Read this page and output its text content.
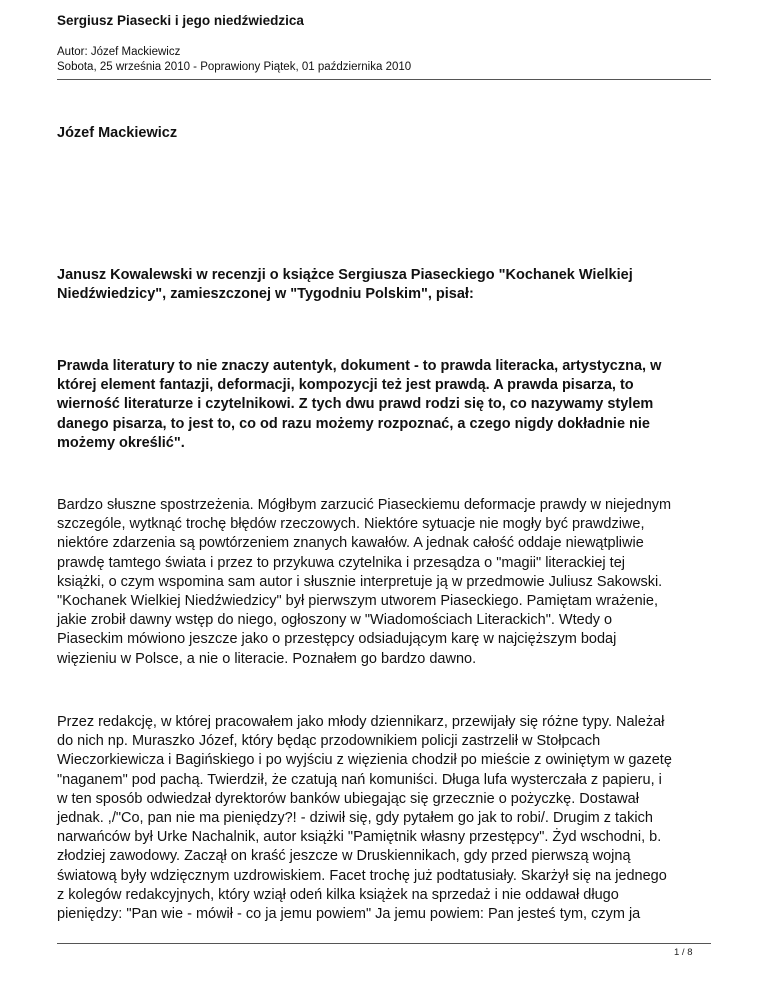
Sergiusz Piasecki i jego niedźwiedzica
Autor: Józef Mackiewicz
Sobota, 25 września 2010 - Poprawiony Piątek, 01 października 2010
Józef Mackiewicz
Janusz Kowalewski w recenzji o książce Sergiusza Piaseckiego "Kochanek Wielkiej
Niedźwiedzicy", zamieszczonej w "Tygodniu Polskim", pisał:
Prawda literatury to nie znaczy autentyk, dokument - to prawda literacka, artystyczna, w
której element fantazji, deformacji, kompozycji też jest prawdą. A prawda pisarza, to
wierność literaturze i czytelnikowi. Z tych dwu prawd rodzi się to, co nazywamy stylem
danego pisarza, to jest to, co od razu możemy rozpoznać, a czego nigdy dokładnie nie
możemy określić".
Bardzo słuszne spostrzeżenia. Mógłbym zarzucić Piaseckiemu deformacje prawdy w niejednym
szczególe, wytknąć trochę błędów rzeczowych. Niektóre sytuacje nie mogły być prawdziwe,
niektóre zdarzenia są powtórzeniem znanych kawałów. A jednak całość oddaje niewątpliwie
prawdę tamtego świata i przez to przykuwa czytelnika i przesądza o "magii" literackiej tej
książki, o czym wspomina sam autor i słusznie interpretuje ją w przedmowie Juliusz Sakowski.
"Kochanek Wielkiej Niedźwiedzicy" był pierwszym utworem Piaseckiego. Pamiętam wrażenie,
jakie zrobił dawny wstęp do niego, ogłoszony w "Wiadomościach Literackich". Wtedy o
Piaseckim mówiono jeszcze jako o przestępcy odsiadującym karę w najcięższym bodaj
więzieniu w Polsce, a nie o literacie. Poznałem go bardzo dawno.
Przez redakcję, w której pracowałem jako młody dziennikarz, przewijały się różne typy. Należał
do nich np. Muraszko Józef, który będąc przodownikiem policji zastrzelił w Stołpcach
Wieczorkiewicza i Bagińskiego i po wyjściu z więzienia chodził po mieście z owiniętym w gazetę
"naganem" pod pachą. Twierdził, że czatują nań komuniści. Długa lufa wysterczała z papieru, i
w ten sposób odwiedzał dyrektorów banków ubiegając się grzecznie o pożyczkę. Dostawał
jednak. ,/"Co, pan nie ma pieniędzy?! - dziwił się, gdy pytałem go jak to robi/. Drugim z takich
narwańców był Urke Nachalnik, autor książki "Pamiętnik własny przestępcy". Żyd wschodni, b.
złodziej zawodowy. Zaczął on kraść jeszcze w Druskiennikach, gdy przed pierwszą wojną
światową były wdzięcznym uzdrowiskiem. Facet trochę już podtatusiały. Skarżył się na jednego
z kolegów redakcyjnych, który wziął odeń kilka książek na sprzedaż i nie oddawał długo
pieniędzy: "Pan wie - mówił - co ja jemu powiem" Ja jemu powiem: Pan jesteś tym, czym ja
1 / 8
